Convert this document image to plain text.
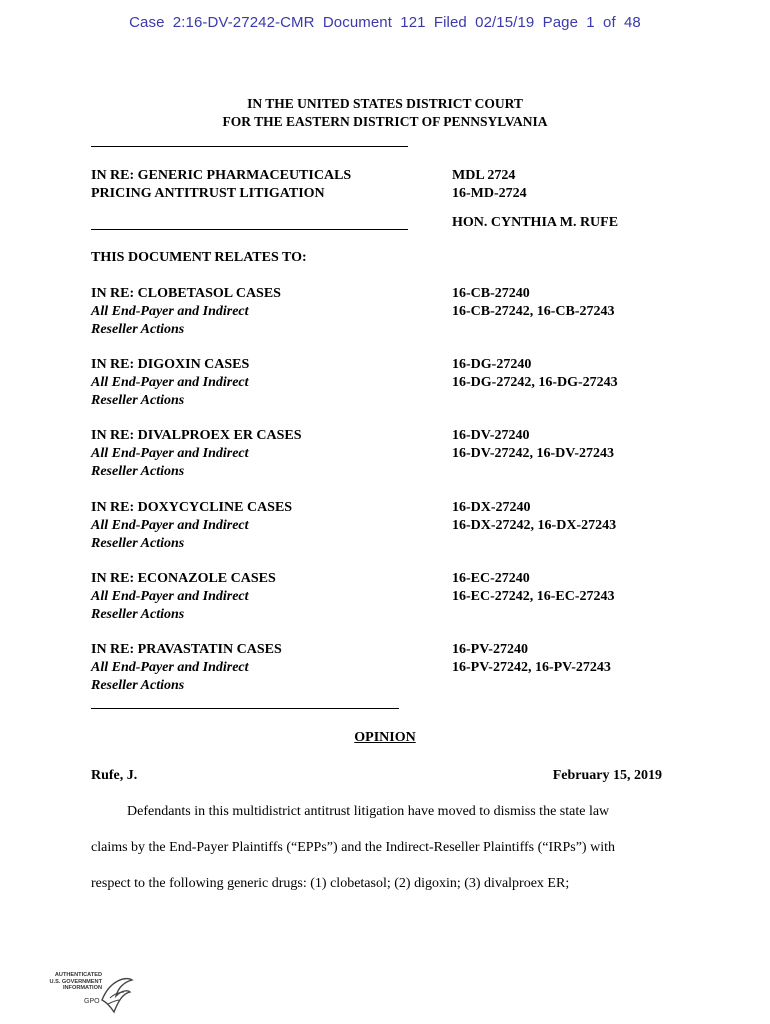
Case 2:16-DV-27242-CMR Document 121 Filed 02/15/19 Page 1 of 48
IN THE UNITED STATES DISTRICT COURT
FOR THE EASTERN DISTRICT OF PENNSYLVANIA
IN RE: GENERIC PHARMACEUTICALS
PRICING ANTITRUST LITIGATION
MDL 2724
16-MD-2724
HON. CYNTHIA M. RUFE
THIS DOCUMENT RELATES TO:
IN RE: CLOBETASOL CASES
All End-Payer and Indirect
Reseller Actions
16-CB-27240
16-CB-27242, 16-CB-27243
IN RE: DIGOXIN CASES
All End-Payer and Indirect
Reseller Actions
16-DG-27240
16-DG-27242, 16-DG-27243
IN RE: DIVALPROEX ER CASES
All End-Payer and Indirect
Reseller Actions
16-DV-27240
16-DV-27242, 16-DV-27243
IN RE: DOXYCYCLINE CASES
All End-Payer and Indirect
Reseller Actions
16-DX-27240
16-DX-27242, 16-DX-27243
IN RE: ECONAZOLE CASES
All End-Payer and Indirect
Reseller Actions
16-EC-27240
16-EC-27242, 16-EC-27243
IN RE: PRAVASTATIN CASES
All End-Payer and Indirect
Reseller Actions
16-PV-27240
16-PV-27242, 16-PV-27243
OPINION
Rufe, J.	February 15, 2019
Defendants in this multidistrict antitrust litigation have moved to dismiss the state law
claims by the End-Payer Plaintiffs (“EPPs”) and the Indirect-Reseller Plaintiffs (“IRPs”) with
respect to the following generic drugs: (1) clobetasol; (2) digoxin; (3) divalproex ER;
AUTHENTICATED
U.S. GOVERNMENT
INFORMATION
GPO
